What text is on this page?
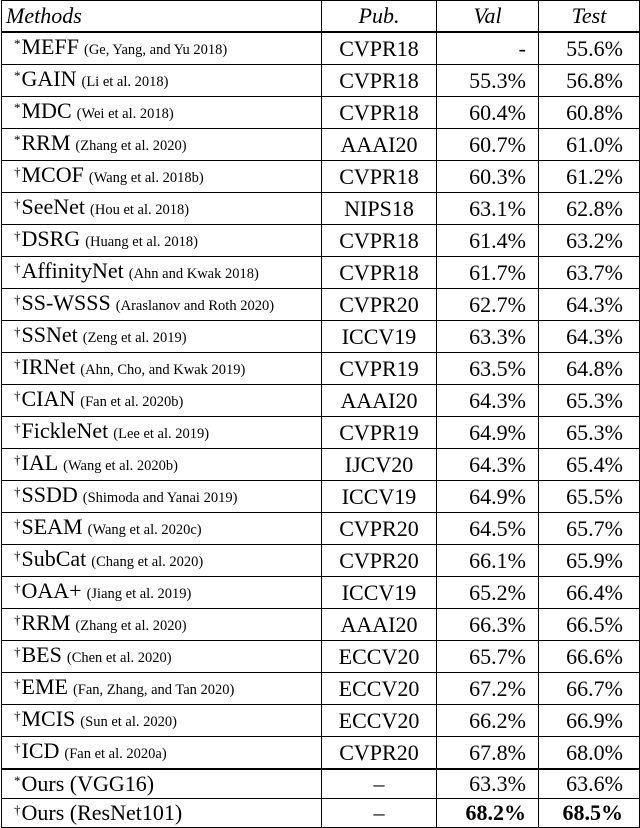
Methods	Pub.	Val	Test
*MEFF (Ge, Yang, and Yu 2018)	CVPR18	-	55.6%
*GAIN (Li et al. 2018)	CVPR18	55.3%	56.8%
*MDC (Wei et al. 2018)	CVPR18	60.4%	60.8%
*RRM (Zhang et al. 2020)	AAAI20	60.7%	61.0%
†MCOF (Wang et al. 2018b)	CVPR18	60.3%	61.2%
†SeeNet (Hou et al. 2018)	NIPS18	63.1%	62.8%
†DSRG (Huang et al. 2018)	CVPR18	61.4%	63.2%
†AffinityNet (Ahn and Kwak 2018)	CVPR18	61.7%	63.7%
†SS-WSSS (Araslanov and Roth 2020)	CVPR20	62.7%	64.3%
†SSNet (Zeng et al. 2019)	ICCV19	63.3%	64.3%
†IRNet (Ahn, Cho, and Kwak 2019)	CVPR19	63.5%	64.8%
†CIAN (Fan et al. 2020b)	AAAI20	64.3%	65.3%
†FickleNet (Lee et al. 2019)	CVPR19	64.9%	65.3%
†IAL (Wang et al. 2020b)	IJCV20	64.3%	65.4%
†SSDD (Shimoda and Yanai 2019)	ICCV19	64.9%	65.5%
†SEAM (Wang et al. 2020c)	CVPR20	64.5%	65.7%
†SubCat (Chang et al. 2020)	CVPR20	66.1%	65.9%
†OAA+ (Jiang et al. 2019)	ICCV19	65.2%	66.4%
†RRM (Zhang et al. 2020)	AAAI20	66.3%	66.5%
†BES (Chen et al. 2020)	ECCV20	65.7%	66.6%
†EME (Fan, Zhang, and Tan 2020)	ECCV20	67.2%	66.7%
†MCIS (Sun et al. 2020)	ECCV20	66.2%	66.9%
†ICD (Fan et al. 2020a)	CVPR20	67.8%	68.0%
*Ours (VGG16)	–	63.3%	63.6%
†Ours (ResNet101)	–	68.2%	68.5%
